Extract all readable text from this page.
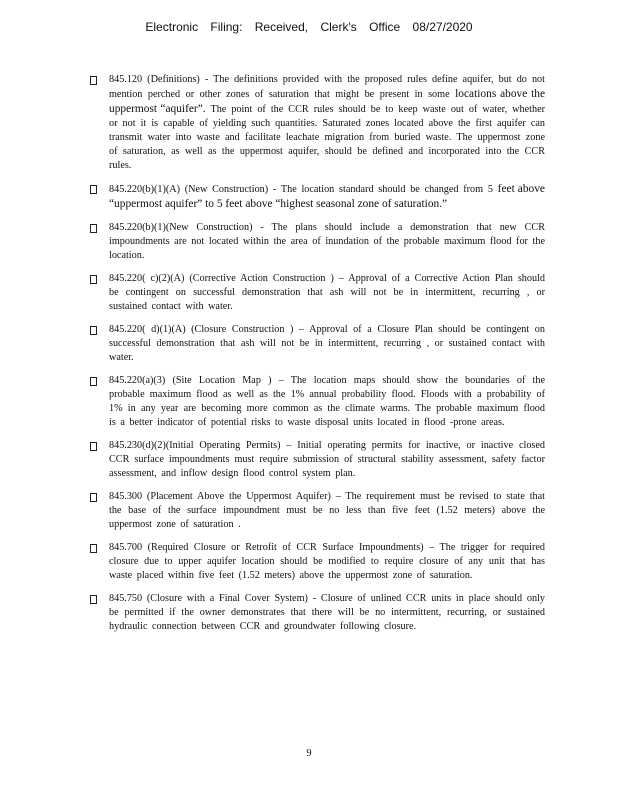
Electronic Filing: Received, Clerk's Office 08/27/2020
845.120 (Definitions) - The definitions provided with the proposed rules define aquifer, but do not mention perched or other zones of saturation that might be present in some locations above the uppermost “aquifer”. The point of the CCR rules should be to keep waste out of water, whether or not it is capable of yielding such quantities. Saturated zones located above the first aquifer can transmit water into waste and facilitate leachate migration from buried waste. The uppermost zone of saturation, as well as the uppermost aquifer, should be defined and incorporated into the CCR rules.
845.220(b)(1)(A) (New Construction) - The location standard should be changed from 5 feet above “uppermost aquifer” to 5 feet above “highest seasonal zone of saturation.”
845.220(b)(1)(New Construction) - The plans should include a demonstration that new CCR impoundments are not located within the area of inundation of the probable maximum flood for the location.
845.220( c)(2)(A) (Corrective Action Construction ) – Approval of a Corrective Action Plan should be contingent on successful demonstration that ash will not be in intermittent, recurring , or sustained contact with water.
845.220( d)(1)(A) (Closure Construction ) – Approval of a Closure Plan should be contingent on successful demonstration that ash will not be in intermittent, recurring , or sustained contact with water.
845.220(a)(3) (Site Location Map ) – The location maps should show the boundaries of the probable maximum flood as well as the 1% annual probability flood. Floods with a probability of 1% in any year are becoming more common as the climate warms. The probable maximum flood is a better indicator of potential risks to waste disposal units located in flood -prone areas.
845.230(d)(2)(Initial Operating Permits) – Initial operating permits for inactive, or inactive closed CCR surface impoundments must require submission of structural stability assessment, safety factor assessment, and inflow design flood control system plan.
845.300 (Placement Above the Uppermost Aquifer) – The requirement must be revised to state that the base of the surface impoundment must be no less than five feet (1.52 meters) above the uppermost zone of saturation .
845.700 (Required Closure or Retrofit of CCR Surface Impoundments) – The trigger for required closure due to upper aquifer location should be modified to require closure of any unit that has waste placed within five feet (1.52 meters) above the uppermost zone of saturation.
845.750 (Closure with a Final Cover System) - Closure of unlined CCR units in place should only be permitted if the owner demonstrates that there will be no intermittent, recurring, or sustained hydraulic connection between CCR and groundwater following closure.
9
